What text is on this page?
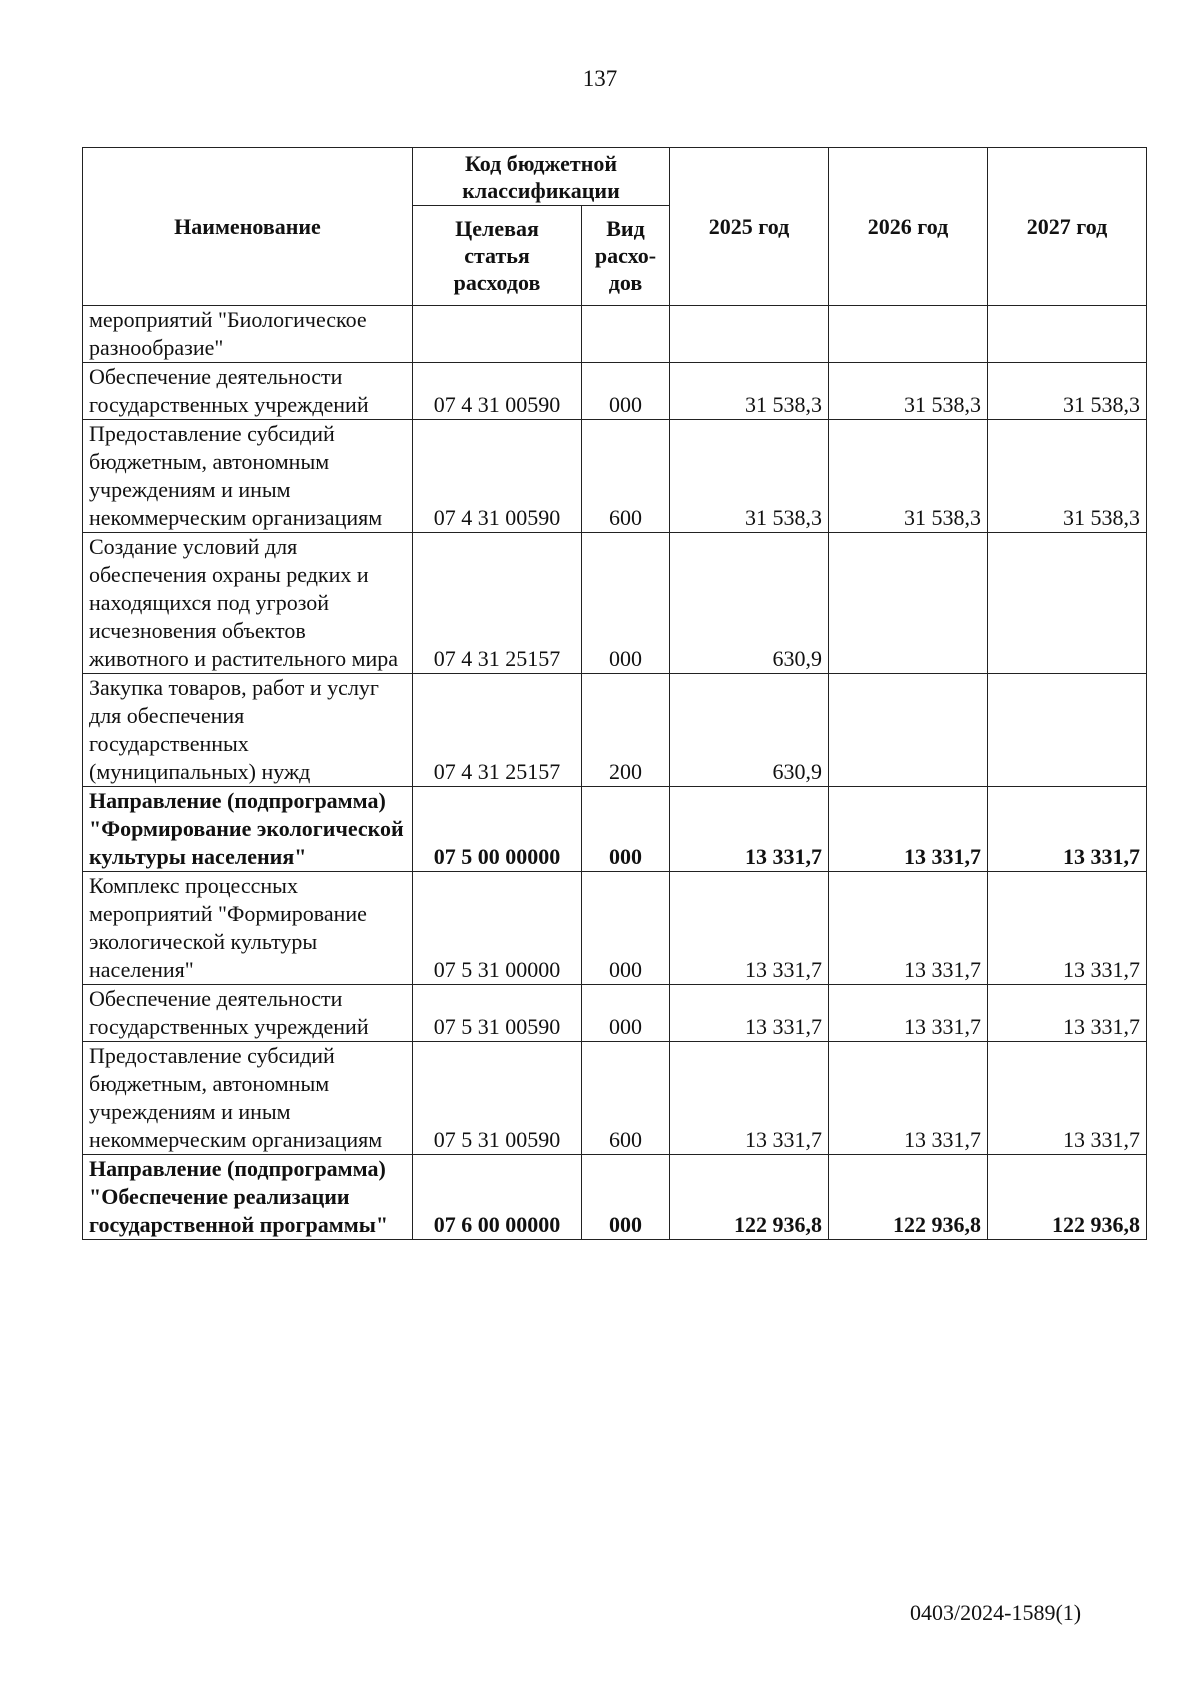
137
Наименование	Код бюджетной классификации		2025 год	2026 год	2027 год
	Целевая статья расходов	Вид расхо-дов			
мероприятий "Биологическое разнообразие"					
Обеспечение деятельности государственных учреждений	07 4 31 00590	000	31 538,3	31 538,3	31 538,3
Предоставление субсидий бюджетным, автономным учреждениям и иным некоммерческим организациям	07 4 31 00590	600	31 538,3	31 538,3	31 538,3
Создание условий для обеспечения охраны редких и находящихся под угрозой исчезновения объектов животного и растительного мира	07 4 31 25157	000	630,9		
Закупка товаров, работ и услуг для обеспечения государственных (муниципальных) нужд	07 4 31 25157	200	630,9		
Направление (подпрограмма) "Формирование экологической культуры населения"	07 5 00 00000	000	13 331,7	13 331,7	13 331,7
Комплекс процессных мероприятий "Формирование экологической культуры населения"	07 5 31 00000	000	13 331,7	13 331,7	13 331,7
Обеспечение деятельности государственных учреждений	07 5 31 00590	000	13 331,7	13 331,7	13 331,7
Предоставление субсидий бюджетным, автономным учреждениям и иным некоммерческим организациям	07 5 31 00590	600	13 331,7	13 331,7	13 331,7
Направление (подпрограмма) "Обеспечение реализации государственной программы"	07 6 00 00000	000	122 936,8	122 936,8	122 936,8
0403/2024-1589(1)
